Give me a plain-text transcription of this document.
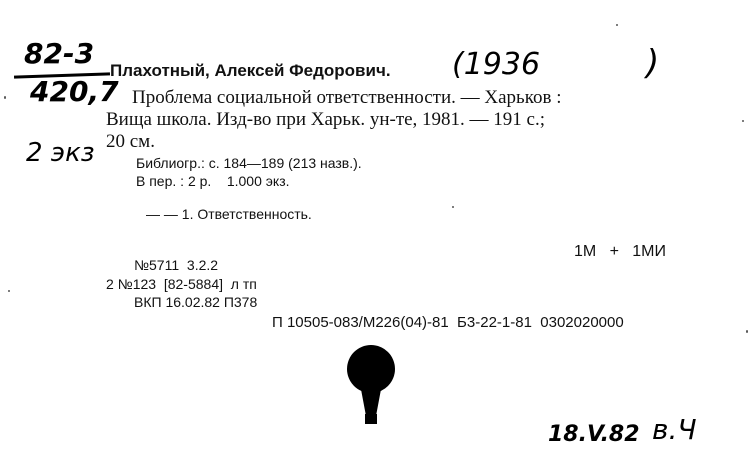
82-3
420,7
2 экз
(1936	)
Плахотный, Алексей Федорович.
Проблема социальной ответственности. — Харьков :
Вища школа. Изд-во при Харьк. ун-те, 1981. — 191 с.;
20 см.
Библиогр.: с. 184—189 (213 назв.).
В пер. : 2 р.    1.000 экз.
— — 1. Ответственность.
1М   +   1МИ
№5711  3.2.2
2 №123  [82-5884]  л тп
ВКП 16.02.82 П378
П 10505-083/М226(04)-81  Б3-22-1-81  0302020000
18.V.82 в.Ч
